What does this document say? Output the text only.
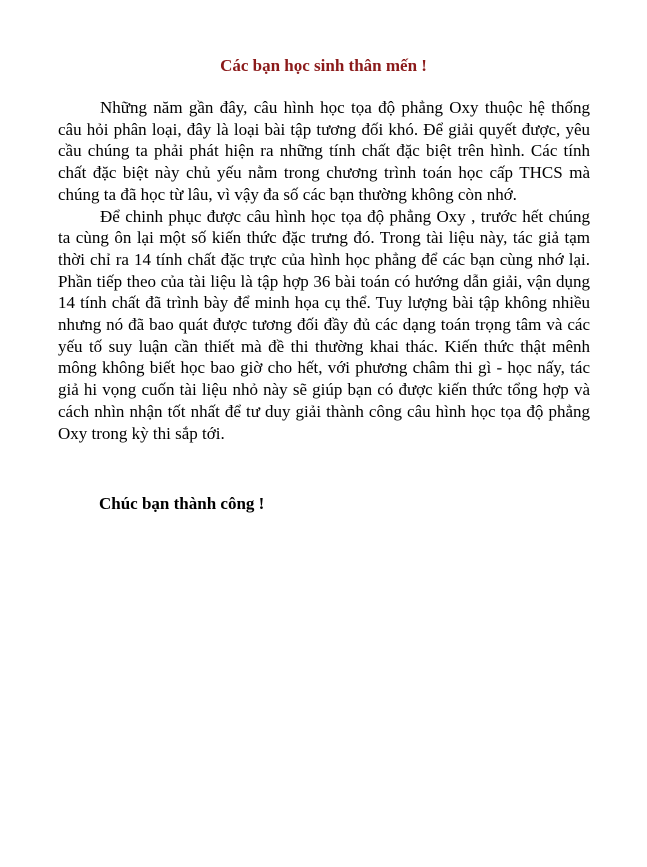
Các bạn học sinh thân mến !

Những năm gần đây, câu hình học tọa độ phẳng Oxy thuộc hệ thống câu hỏi phân loại, đây là loại bài tập tương đối khó. Để giải quyết được, yêu cầu chúng ta phải phát hiện ra những tính chất đặc biệt trên hình. Các tính chất đặc biệt này chủ yếu nằm trong chương trình toán học cấp THCS mà chúng ta đã học từ lâu, vì vậy đa số các bạn thường không còn nhớ.

Để chinh phục được câu hình học tọa độ phẳng Oxy , trước hết chúng ta cùng ôn lại một số kiến thức đặc trưng đó. Trong tài liệu này, tác giả tạm thời chỉ ra 14 tính chất đặc trực của hình học phẳng để các bạn cùng nhớ lại. Phần tiếp theo của tài liệu là tập hợp 36 bài toán có hướng dẫn giải, vận dụng 14 tính chất đã trình bày để minh họa cụ thể. Tuy lượng bài tập không nhiều nhưng nó đã bao quát được tương đối đầy đủ các dạng toán trọng tâm và các yếu tố suy luận cần thiết mà đề thi thường khai thác. Kiến thức thật mênh mông không biết học bao giờ cho hết, với phương châm thi gì - học nấy, tác giả hi vọng cuốn tài liệu nhỏ này sẽ giúp bạn có được kiến thức tổng hợp và cách nhìn nhận tốt nhất để tư duy giải thành công câu hình học tọa độ phẳng Oxy trong kỳ thi sắp tới.

Chúc bạn thành công !
